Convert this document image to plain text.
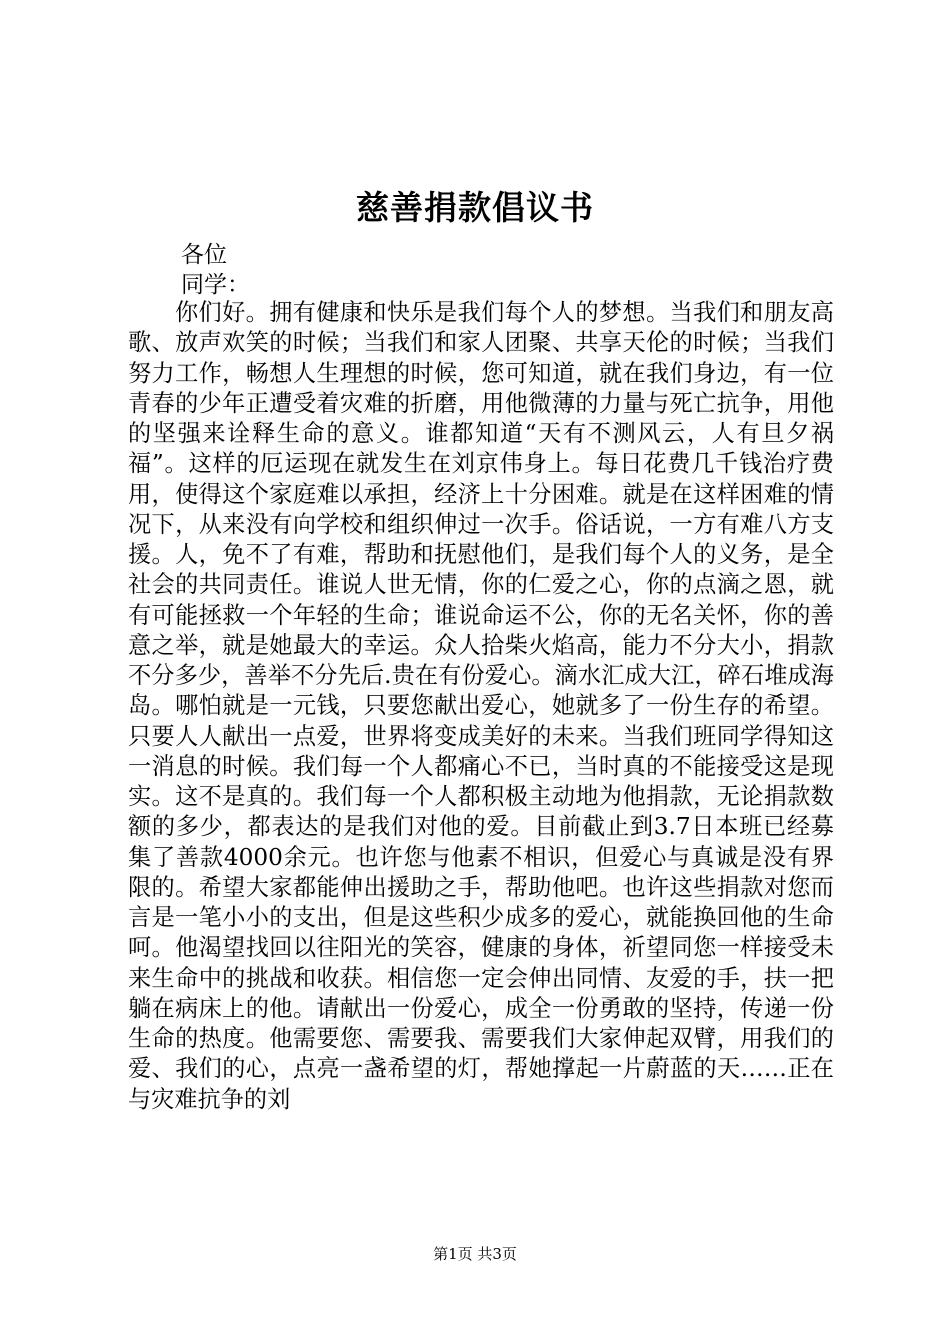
慈善捐款倡议书
各位
同学：

你们好。拥有健康和快乐是我们每个人的梦想。当我们和朋友高歌、放声欢笑的时候；当我们和家人团聚、共享天伦的时候；当我们努力工作，畅想人生理想的时候，您可知道，就在我们身边，有一位青春的少年正遭受着灾难的折磨，用他微薄的力量与死亡抗争，用他的坚强来诠释生命的意义。谁都知道“天有不测风云，人有旦夕祸福”。这样的厄运现在就发生在刘京伟身上。每日花费几千钱治疗费用，使得这个家庭难以承担，经济上十分困难。就是在这样困难的情况下，从来没有向学校和组织伸过一次手。俗话说，一方有难八方支援。人，免不了有难，帮助和抚慰他们，是我们每个人的义务，是全社会的共同责任。谁说人世无情，你的仁爱之心，你的点滴之恩，就有可能拯救一个年轻的生命；谁说命运不公，你的无名关怀，你的善意之举，就是她最大的幸运。众人拾柴火焰高，能力不分大小，捐款不分多少，善举不分先后.贵在有份爱心。滴水汇成大江，碎石堆成海岛。哪怕就是一元钱，只要您献出爱心，她就多了一份生存的希望。只要人人献出一点爱，世界将变成美好的未来。当我们班同学得知这一消息的时候。我们每一个人都痛心不已，当时真的不能接受这是现实。这不是真的。我们每一个人都积极主动地为他捐款，无论捐款数额的多少，都表达的是我们对他的爱。目前截止到3.7日本班已经募集了善款4000余元。也许您与他素不相识，但爱心与真诚是没有界限的。希望大家都能伸出援助之手，帮助他吧。也许这些捐款对您而言是一笔小小的支出，但是这些积少成多的爱心，就能换回他的生命呵。他渴望找回以往阳光的笑容，健康的身体，祈望同您一样接受未来生命中的挑战和收获。相信您一定会伸出同情、友爱的手，扶一把躺在病床上的他。请献出一份爱心，成全一份勇敢的坚持，传递一份生命的热度。他需要您、需要我、需要我们大家伸起双臂，用我们的爱、我们的心，点亮一盏希望的灯，帮她撑起一片蔚蓝的天……正在与灾难抗争的刘

第1页 共3页
